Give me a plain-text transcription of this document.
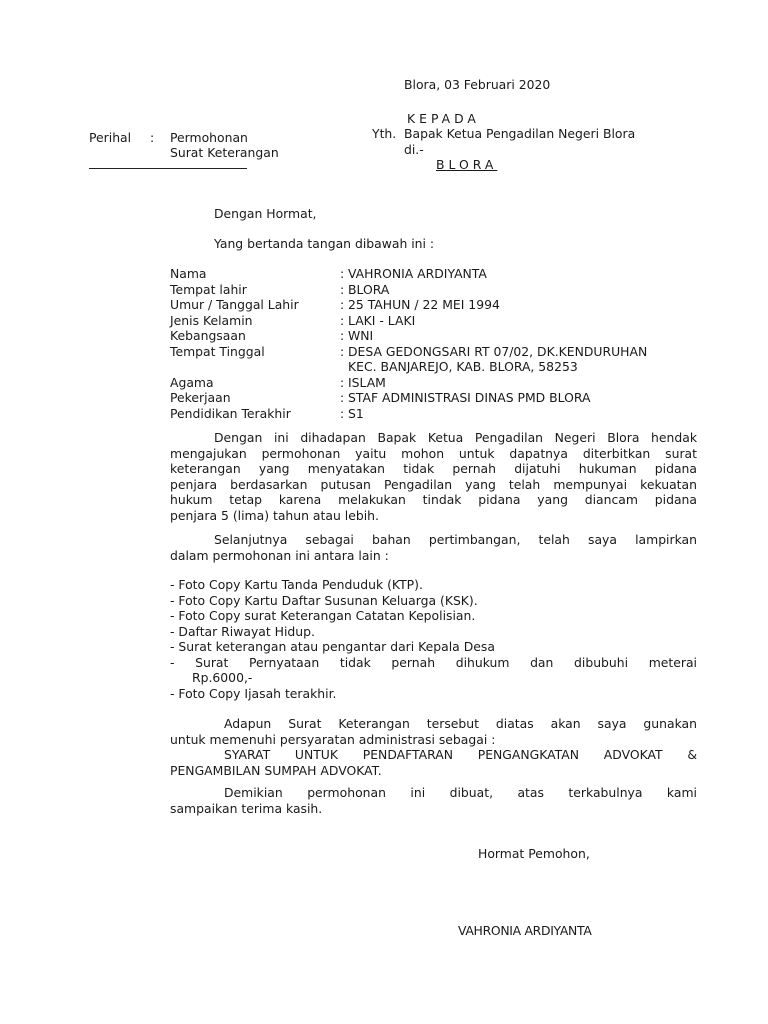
Blora, 03 Februari 2020
KEPADA
Yth. Bapak Ketua Pengadilan Negeri Blora
di.-
BLORA
Perihal : Permohonan
Surat Keterangan
Dengan Hormat,
Yang bertanda tangan dibawah ini :
Nama	: VAHRONIA ARDIYANTA
Tempat lahir	: BLORA
Umur / Tanggal Lahir	: 25 TAHUN / 22 MEI 1994
Jenis Kelamin	: LAKI - LAKI
Kebangsaan	: WNI
Tempat Tinggal	: DESA GEDONGSARI RT 07/02, DK.KENDURUHAN
KEC. BANJAREJO, KAB. BLORA, 58253
Agama	: ISLAM
Pekerjaan	: STAF ADMINISTRASI DINAS PMD BLORA
Pendidikan Terakhir	: S1
Dengan ini dihadapan Bapak Ketua Pengadilan Negeri Blora hendak
mengajukan permohonan yaitu mohon untuk dapatnya diterbitkan surat
keterangan yang menyatakan tidak pernah dijatuhi hukuman pidana
penjara berdasarkan putusan Pengadilan yang telah mempunyai kekuatan
hukum tetap karena melakukan tindak pidana yang diancam pidana
penjara 5 (lima) tahun atau lebih.
Selanjutnya sebagai bahan pertimbangan, telah saya lampirkan
dalam permohonan ini antara lain :
- Foto Copy Kartu Tanda Penduduk (KTP).
- Foto Copy Kartu Daftar Susunan Keluarga (KSK).
- Foto Copy surat Keterangan Catatan Kepolisian.
- Daftar Riwayat Hidup.
- Surat keterangan atau pengantar dari Kepala Desa
- Surat Pernyataan tidak pernah dihukum dan dibubuhi meterai
Rp.6000,-
- Foto Copy Ijasah terakhir.
Adapun Surat Keterangan tersebut diatas akan saya gunakan
untuk memenuhi persyaratan administrasi sebagai :
SYARAT UNTUK PENDAFTARAN PENGANGKATAN ADVOKAT &
PENGAMBILAN SUMPAH ADVOKAT.
Demikian permohonan ini dibuat, atas terkabulnya kami
sampaikan terima kasih.
Hormat Pemohon,
VAHRONIA ARDIYANTA
